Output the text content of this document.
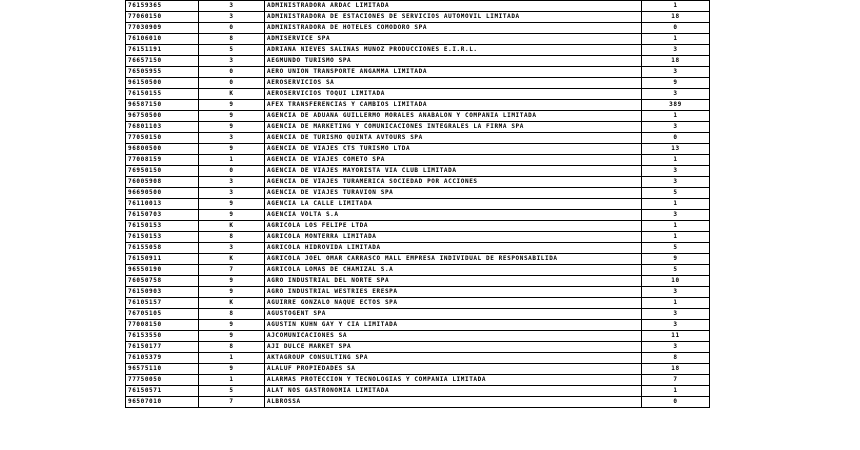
76159365	3	ADMINISTRADORA ARDAC LIMITADA	1
77060150	3	ADMINISTRADORA DE ESTACIONES DE SERVICIOS AUTOMOVIL LIMITADA	18
77030909	0	ADMINISTRADORA DE HOTELES COMODORO SPA	0
76106010	8	ADMISERVICE SPA	1
76151191	5	ADRIANA NIEVES SALINAS MUNOZ PRODUCCIONES E.I.R.L.	3
76657150	3	AEGMUNDO TURISMO SPA	18
76505955	0	AERO UNION TRANSPORTE ANGAMMA LIMITADA	3
96150500	0	AEROSERVICIOS SA	9
76150155	K	AEROSERVICIOS TOQUI LIMITADA	3
96587150	9	AFEX TRANSFERENCIAS Y CAMBIOS LIMITADA	389
96750500	9	AGENCIA DE ADUANA GUILLERMO MORALES ANABALON Y COMPANIA LIMITADA	1
76801103	9	AGENCIA DE MARKETING Y COMUNICACIONES INTEGRALES LA FIRMA SPA	3
77050150	3	AGENCIA DE TURISMO QUINTA AVTOURS SPA	0
96800500	9	AGENCIA DE VIAJES CTS TURISMO LTDA	13
77008159	1	AGENCIA DE VIAJES COMETO SPA	1
76950150	0	AGENCIA DE VIAJES MAYORISTA VIA CLUB LIMITADA	3
76005908	3	AGENCIA DE VIAJES TURAMERICA SOCIEDAD POR ACCIONES	3
96690500	3	AGENCIA DE VIAJES TURAVION SPA	5
76110013	9	AGENCIA LA CALLE LIMITADA	1
76150703	9	AGENCIA VOLTA S.A	3
76150153	K	AGRICOLA LOS FELIPE LTDA	1
76150153	8	AGRICOLA MONTERRA LIMITADA	1
76155058	3	AGRICOLA HIDROVIDA LIMITADA	5
76150911	K	AGRICOLA JOEL OMAR CARRASCO MALL EMPRESA INDIVIDUAL DE RESPONSABILIDA	9
96550190	7	AGRICOLA LOMAS DE CHAMIZAL S.A	5
76050758	9	AGRO INDUSTRIAL DEL NORTE SPA	10
76150903	9	AGRO INDUSTRIAL WESTRIES ERESPA	3
76105157	K	AGUIRRE GONZALO NAQUE ECTOS SPA	1
76705105	8	AGUSTOGENT SPA	3
77008150	9	AGUSTIN KUHN GAY Y CIA LIMITADA	3
76153550	9	AJCOMUNICACIONES SA	11
76150177	8	AJI DULCE MARKET SPA	3
76105379	1	AKTAGROUP CONSULTING SPA	8
96575110	9	ALALUF PROPIEDADES SA	18
77750050	1	ALARMAS PROTECCION Y TECNOLOGIAS Y COMPANIA LIMITADA	7
76150571	5	ALAT NOS GASTRONOMIA LIMITADA	1
96507010	7	ALBROSSA	0
